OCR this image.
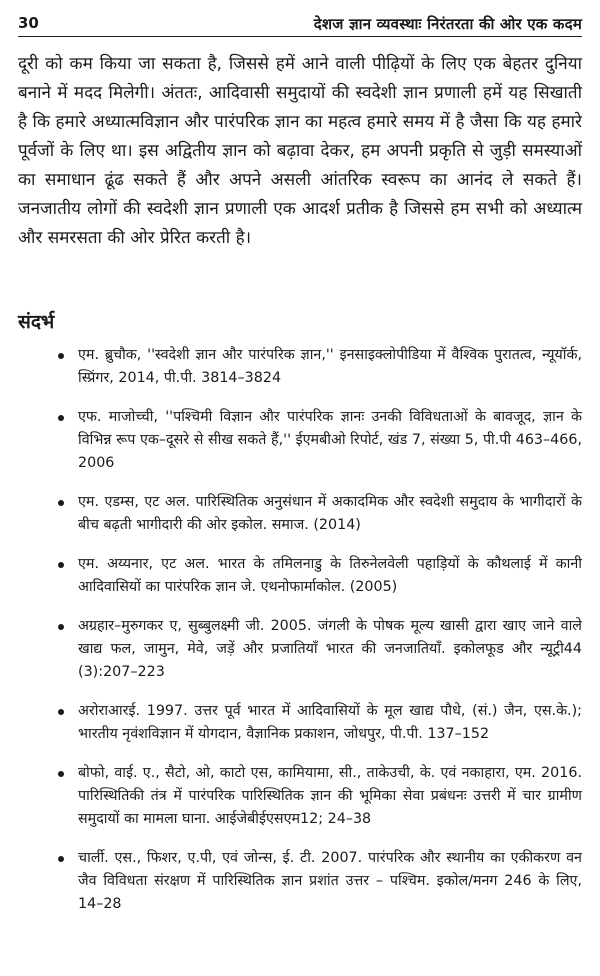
30	देशज ज्ञान व्यवस्थाः निरंतरता की ओर एक कदम

दूरी को कम किया जा सकता है, जिससे हमें आने वाली पीढ़ियों के लिए एक बेहतर दुनिया बनाने में मदद मिलेगी। अंततः, आदिवासी समुदायों की स्वदेशी ज्ञान प्रणाली हमें यह सिखाती है कि हमारे अध्यात्मविज्ञान और पारंपरिक ज्ञान का महत्व हमारे समय में है जैसा कि यह हमारे पूर्वजों के लिए था। इस अद्वितीय ज्ञान को बढ़ावा देकर, हम अपनी प्रकृति से जुड़ी समस्याओं का समाधान ढूंढ सकते हैं और अपने असली आंतरिक स्वरूप का आनंद ले सकते हैं। जनजातीय लोगों की स्वदेशी ज्ञान प्रणाली एक आदर्श प्रतीक है जिससे हम सभी को अध्यात्म और समरसता की ओर प्रेरित करती है।

संदर्भ
एम. ब्रुचौक, ''स्वदेशी ज्ञान और पारंपरिक ज्ञान,'' इनसाइक्लोपीडिया में वैश्विक पुरातत्व, न्यूयॉर्क, स्प्रिंगर, 2014, पी.पी. 3814–3824
एफ. माजोच्ची, ''पश्चिमी विज्ञान और पारंपरिक ज्ञानः उनकी विविधताओं के बावजूद, ज्ञान के विभिन्न रूप एक–दूसरे से सीख सकते हैं,'' ईएमबीओ रिपोर्ट, खंड 7, संख्या 5, पी.पी 463–466, 2006
एम. एडम्स, एट अल. पारिस्थितिक अनुसंधान में अकादमिक और स्वदेशी समुदाय के भागीदारों के बीच बढ़ती भागीदारी की ओर इकोल. समाज. (2014)
एम. अय्यनार, एट अल. भारत के तमिलनाडु के तिरुनेलवेली पहाड़ियों के कौथलाई में कानी आदिवासियों का पारंपरिक ज्ञान जे. एथनोफार्माकोल. (2005)
अग्रहार–मुरुगकर ए, सुब्बुलक्ष्मी जी. 2005. जंगली के पोषक मूल्य खासी द्वारा खाए जाने वाले खाद्य फल, जामुन, मेवे, जड़ें और प्रजातियाँ भारत की जनजातियाँ. इकोलफूड और न्यूट्री44 (3):207–223
अरोराआरई. 1997. उत्तर पूर्व भारत में आदिवासियों के मूल खाद्य पौधे, (सं.) जैन, एस.के.); भारतीय नृवंशविज्ञान में योगदान, वैज्ञानिक प्रकाशन, जोधपुर, पी.पी. 137–152
बोफो, वाई. ए., सैटो, ओ, काटो एस, कामियामा, सी., ताकेउची, के. एवं नकाहारा, एम. 2016. पारिस्थितिकी तंत्र में पारंपरिक पारिस्थितिक ज्ञान की भूमिका सेवा प्रबंधनः उत्तरी में चार ग्रामीण समुदायों का मामला घाना. आईजेबीईएसएम12; 24–38
चार्ली. एस., फिशर, ए.पी, एवं जोन्स, ई. टी. 2007. पारंपरिक और स्थानीय का एकीकरण वन जैव विविधता संरक्षण में पारिस्थितिक ज्ञान प्रशांत उत्तर – पश्चिम. इकोल/मनग 246 के लिए, 14–28
